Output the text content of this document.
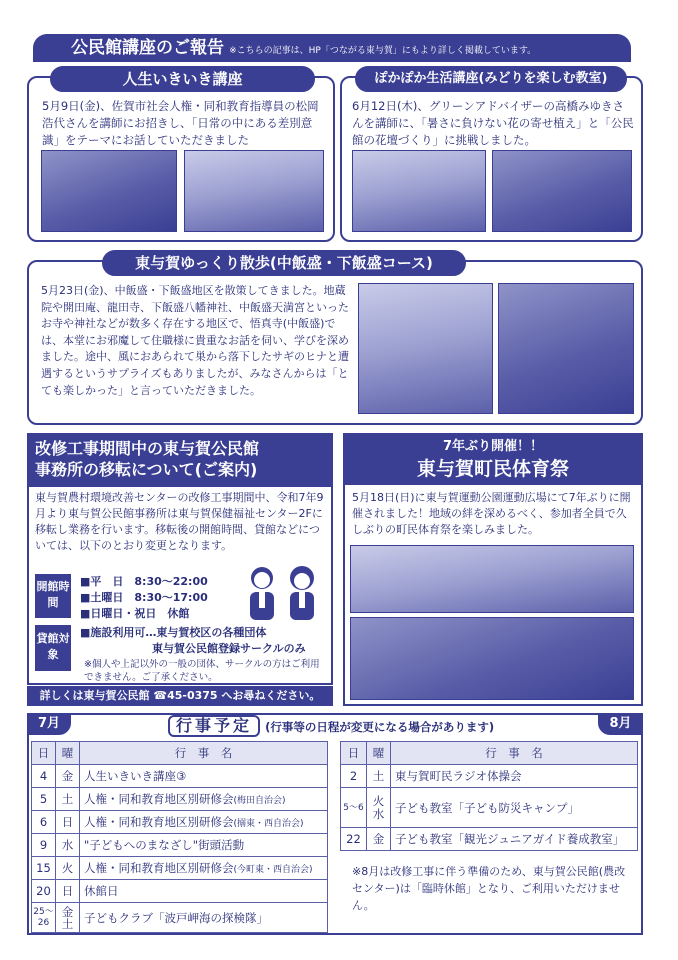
公民館講座のご報告 ※こちらの記事は、HP「つながる東与賀」にもより詳しく掲載しています。
人生いきいき講座
5月9日(金)、佐賀市社会人権・同和教育指導員の松岡浩代さんを講師にお招きし、「日常の中にある差別意識」をテーマにお話していただきました
ぽかぽか生活講座(みどりを楽しむ教室)
6月12日(木)、グリーンアドバイザーの高橋みゆきさんを講師に、「暑さに負けない花の寄せ植え」と「公民館の花壇づくり」に挑戦しました。
東与賀ゆっくり散歩(中飯盛・下飯盛コース)
5月23日(金)、中飯盛・下飯盛地区を散策してきました。地蔵院や開田庵、龍田寺、下飯盛八幡神社、中飯盛天満宮といったお寺や神社などが数多く存在する地区で、悟真寺(中飯盛)では、本堂にお邪魔して住職様に貴重なお話を伺い、学びを深めました。途中、風におあられて巣から落下したサギのヒナと遭遇するというサプライズもありましたが、みなさんからは「とても楽しかった」と言っていただきました。
改修工事期間中の東与賀公民館
事務所の移転について(ご案内)
東与賀農村環境改善センターの改修工事期間中、令和7年9月より東与賀公民館事務所は東与賀保健福祉センター2Fに移転し業務を行います。移転後の開館時間、貸館などについては、以下のとおり変更となります。
開館時間
■平　日　8:30～22:00
■土曜日　8:30～17:00
■日曜日・祝日　休館
貸館対象
■施設利用可…東与賀校区の各種団体
東与賀公民館登録サークルのみ
※個人や上記以外の一般の団体、サークルの方はご利用できません。ご了承ください。
詳しくは東与賀公民館 ☎45-0375 へお尋ねください。
7年ぶり開催！！
東与賀町民体育祭
5月18日(日)に東与賀運動公園運動広場にて7年ぶりに開催されました！地域の絆を深めるべく、参加者全員で久しぶりの町民体育祭を楽しみました。
7月	8月
行事予定 (行事等の日程が変更になる場合があります)
日	曜	行　事　名
4	金	人生いきいき講座③
5	土	人権・同和教育地区別研修会(梅田自治会)
6	日	人権・同和教育地区別研修会(搦東・西自治会)
9	水	"子どもへのまなざし"街頭活動
15	火	人権・同和教育地区別研修会(今町東・西自治会)
20	日	休館日
25～26	金土	子どもクラブ「波戸岬海の探検隊」
日	曜	行　事　名
2	土	東与賀町民ラジオ体操会
5～6	火水	子ども教室「子ども防災キャンプ」
22	金	子ども教室「観光ジュニアガイド養成教室」
※8月は改修工事に伴う準備のため、東与賀公民館(農改センター)は「臨時休館」となり、ご利用いただけません。
